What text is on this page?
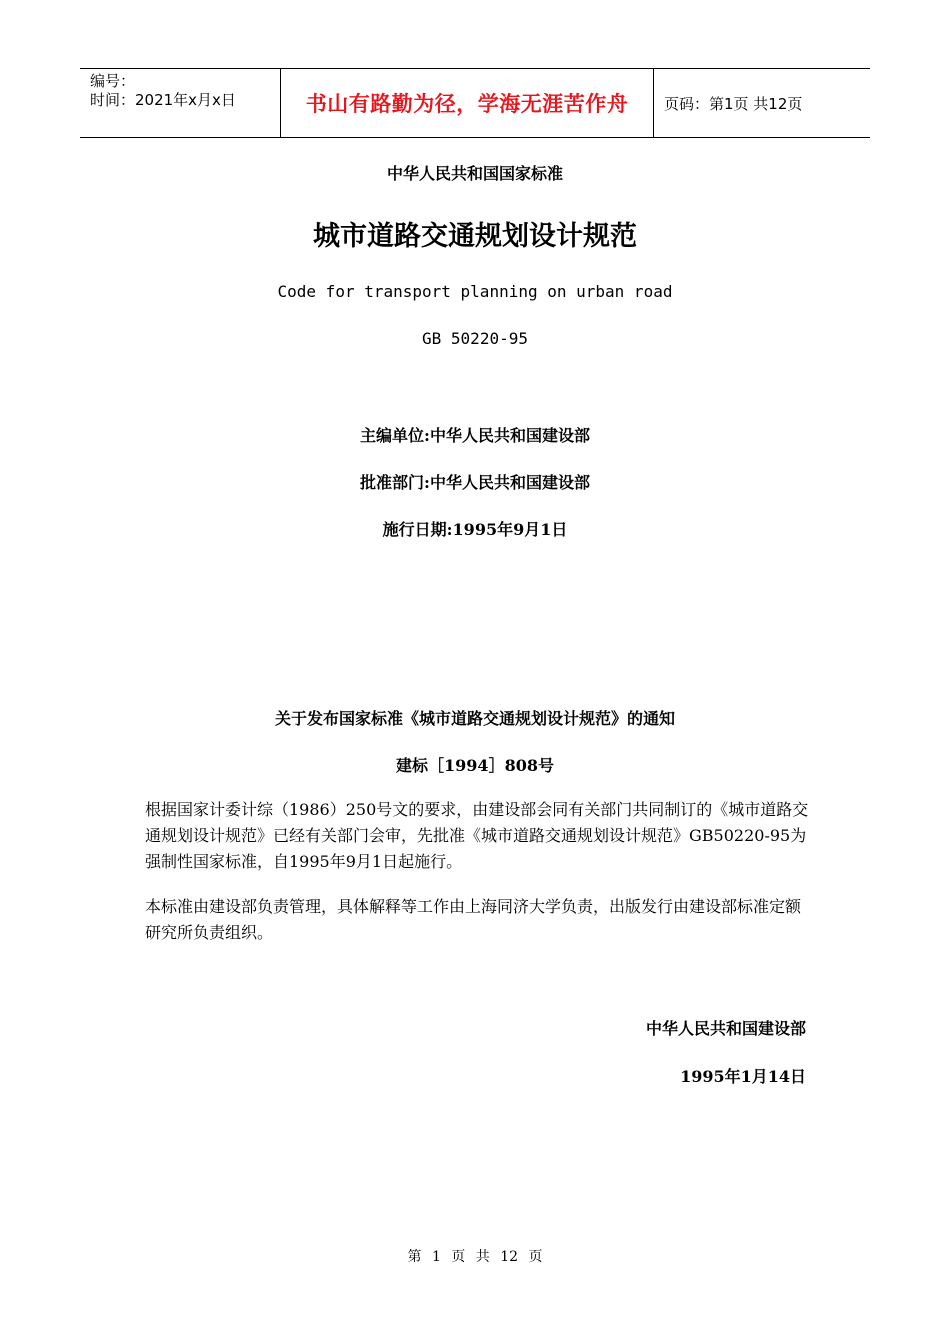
编号：
时间：2021年x月x日	书山有路勤为径，学海无涯苦作舟 页码：第1页 共12页
中华人民共和国国家标准
城市道路交通规划设计规范
Code for transport planning on urban road
GB 50220-95
主编单位:中华人民共和国建设部
批准部门:中华人民共和国建设部
施行日期:1995年9月1日
关于发布国家标准《城市道路交通规划设计规范》的通知
建标［1994］808号
根据国家计委计综（1986）250号文的要求，由建设部会同有关部门共同制订的《城市道路交通规划设计规范》已经有关部门会审，先批准《城市道路交通规划设计规范》GB50220-95为强制性国家标准，自1995年9月1日起施行。
本标准由建设部负责管理，具体解释等工作由上海同济大学负责，出版发行由建设部标准定额研究所负责组织。
中华人民共和国建设部
1995年1月14日
第 1 页 共 12 页
